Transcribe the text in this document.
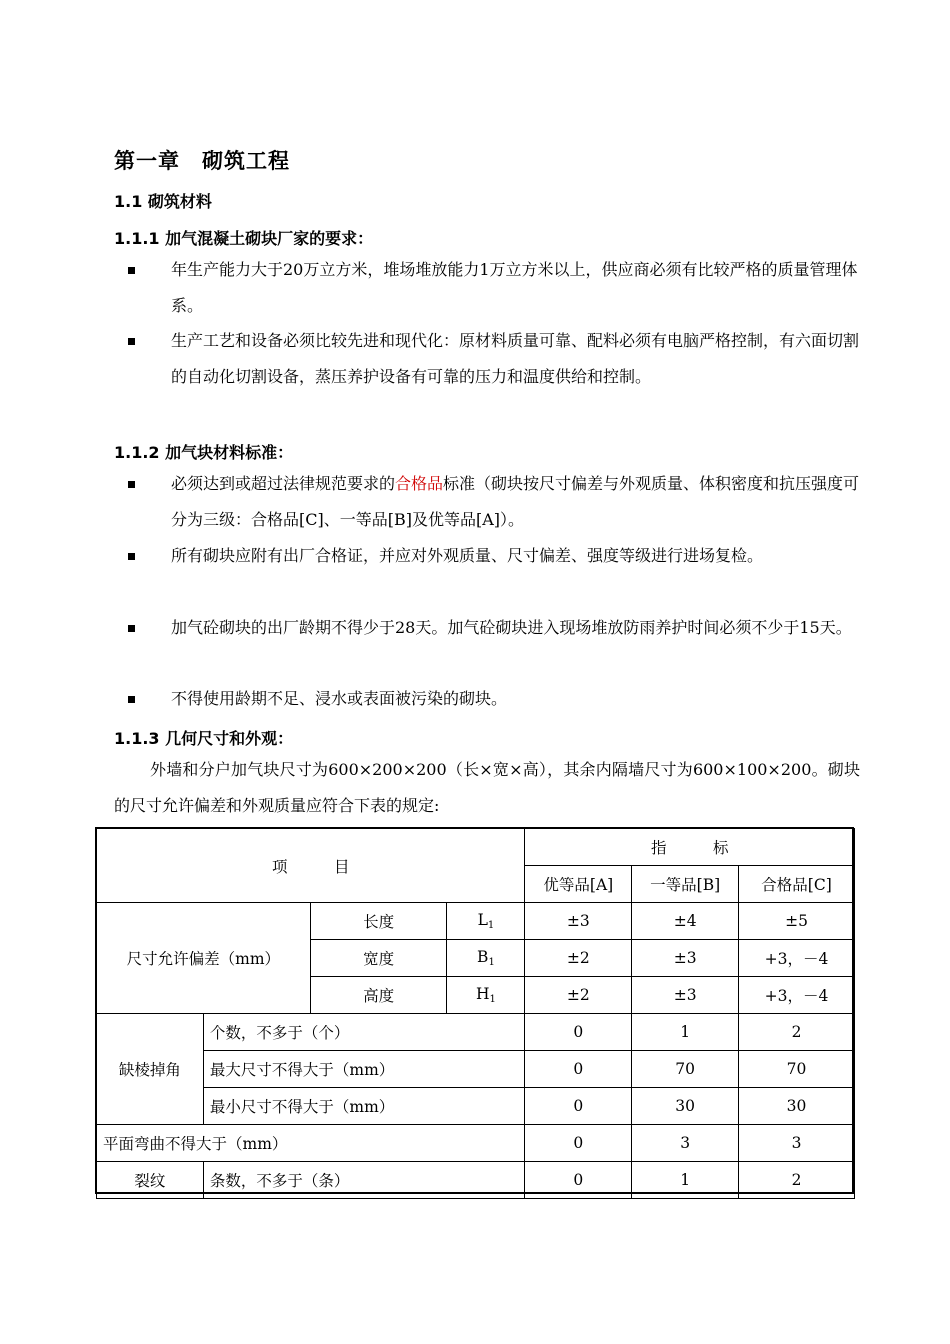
第一章　砌筑工程
1.1 砌筑材料
1.1.1 加气混凝土砌块厂家的要求：
年生产能力大于20万立方米，堆场堆放能力1万立方米以上，供应商必须有比较严格的质量管理体系。
生产工艺和设备必须比较先进和现代化：原材料质量可靠、配料必须有电脑严格控制，有六面切割的自动化切割设备，蒸压养护设备有可靠的压力和温度供给和控制。
1.1.2 加气块材料标准：
必须达到或超过法律规范要求的合格品标准（砌块按尺寸偏差与外观质量、体积密度和抗压强度可分为三级：合格品[C]、一等品[B]及优等品[A]）。
所有砌块应附有出厂合格证，并应对外观质量、尺寸偏差、强度等级进行进场复检。
加气砼砌块的出厂龄期不得少于28天。加气砼砌块进入现场堆放防雨养护时间必须不少于15天。
不得使用龄期不足、浸水或表面被污染的砌块。
1.1.3 几何尺寸和外观：
外墙和分户加气块尺寸为600×200×200（长×宽×高），其余内隔墙尺寸为600×100×200。砌块的尺寸允许偏差和外观质量应符合下表的规定:
项　　　目				指　　　标		
				优等品[A]	一等品[B]	合格品[C]
尺寸允许偏差（mm）		长度	$L_1$	±3	±4	±5
		宽度	$B_1$	±2	±3	+3，－4
		高度	$H_1$	±2	±3	+3，－4
缺棱掉角	个数，不多于（个）			0	1	2
	最大尺寸不得大于（mm）			0	70	70
	最小尺寸不得大于（mm）			0	30	30
平面弯曲不得大于（mm）				0	3	3
裂纹	条数，不多于（条）			0	1	2
